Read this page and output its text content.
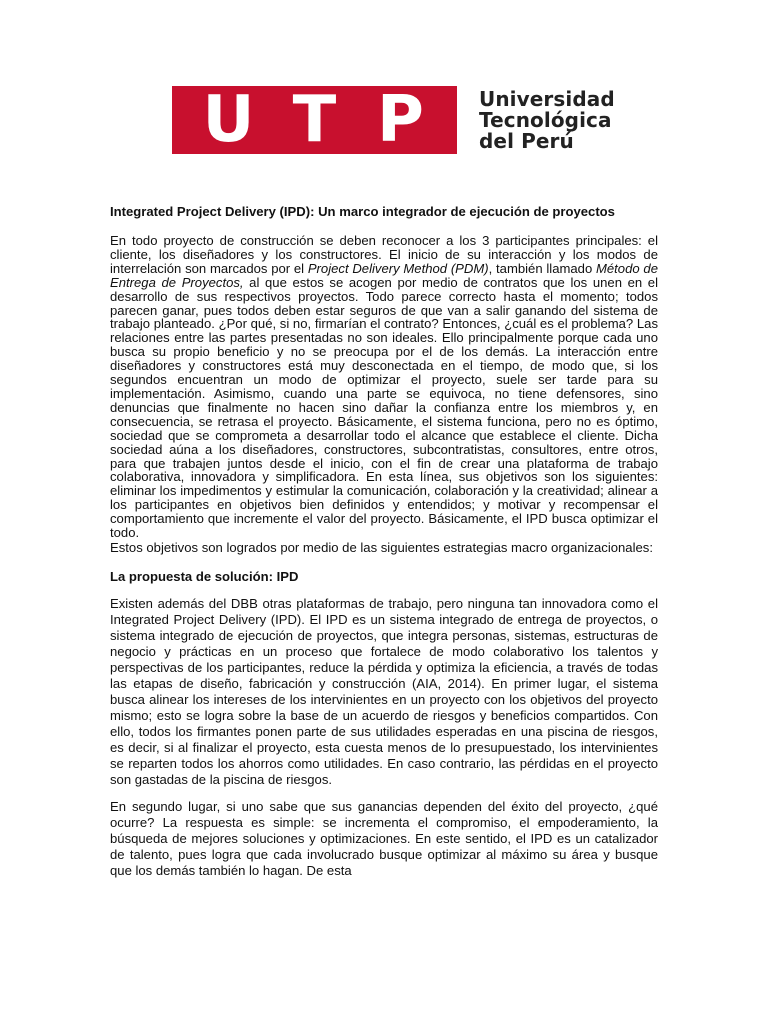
U T P	Universidad
Tecnológica
del Perú
Integrated Project Delivery (IPD): Un marco integrador de ejecución de proyectos

En todo proyecto de construcción se deben reconocer a los 3 participantes principales: el cliente, los diseñadores y los constructores. El inicio de su interacción y los modos de interrelación son marcados por el Project Delivery Method (PDM), también llamado Método de Entrega de Proyectos, al que estos se acogen por medio de contratos que los unen en el desarrollo de sus respectivos proyectos. Todo parece correcto hasta el momento; todos parecen ganar, pues todos deben estar seguros de que van a salir ganando del sistema de trabajo planteado. ¿Por qué, si no, firmarían el contrato? Entonces, ¿cuál es el problema? Las relaciones entre las partes presentadas no son ideales. Ello principalmente porque cada uno busca su propio beneficio y no se preocupa por el de los demás. La interacción entre diseñadores y constructores está muy desconectada en el tiempo, de modo que, si los segundos encuentran un modo de optimizar el proyecto, suele ser tarde para su implementación. Asimismo, cuando una parte se equivoca, no tiene defensores, sino denuncias que finalmente no hacen sino dañar la confianza entre los miembros y, en consecuencia, se retrasa el proyecto. Básicamente, el sistema funciona, pero no es óptimo, sociedad que se comprometa a desarrollar todo el alcance que establece el cliente. Dicha sociedad aúna a los diseñadores, constructores, subcontratistas, consultores, entre otros, para que trabajen juntos desde el inicio, con el fin de crear una plataforma de trabajo colaborativa, innovadora y simplificadora. En esta línea, sus objetivos son los siguientes: eliminar los impedimentos y estimular la comunicación, colaboración y la creatividad; alinear a los participantes en objetivos bien definidos y entendidos; y motivar y recompensar el comportamiento que incremente el valor del proyecto. Básicamente, el IPD busca optimizar el todo.

Estos objetivos son logrados por medio de las siguientes estrategias macro organizacionales:

La propuesta de solución: IPD

Existen además del DBB otras plataformas de trabajo, pero ninguna tan innovadora como el Integrated Project Delivery (IPD). El IPD es un sistema integrado de entrega de proyectos, o sistema integrado de ejecución de proyectos, que integra personas, sistemas, estructuras de negocio y prácticas en un proceso que fortalece de modo colaborativo los talentos y perspectivas de los participantes, reduce la pérdida y optimiza la eficiencia, a través de todas las etapas de diseño, fabricación y construcción (AIA, 2014). En primer lugar, el sistema busca alinear los intereses de los intervinientes en un proyecto con los objetivos del proyecto mismo; esto se logra sobre la base de un acuerdo de riesgos y beneficios compartidos. Con ello, todos los firmantes ponen parte de sus utilidades esperadas en una piscina de riesgos, es decir, si al finalizar el proyecto, esta cuesta menos de lo presupuestado, los intervinientes se reparten todos los ahorros como utilidades. En caso contrario, las pérdidas en el proyecto son gastadas de la piscina de riesgos.

En segundo lugar, si uno sabe que sus ganancias dependen del éxito del proyecto, ¿qué ocurre? La respuesta es simple: se incrementa el compromiso, el empoderamiento, la búsqueda de mejores soluciones y optimizaciones. En este sentido, el IPD es un catalizador de talento, pues logra que cada involucrado busque optimizar al máximo su área y busque que los demás también lo hagan. De esta
